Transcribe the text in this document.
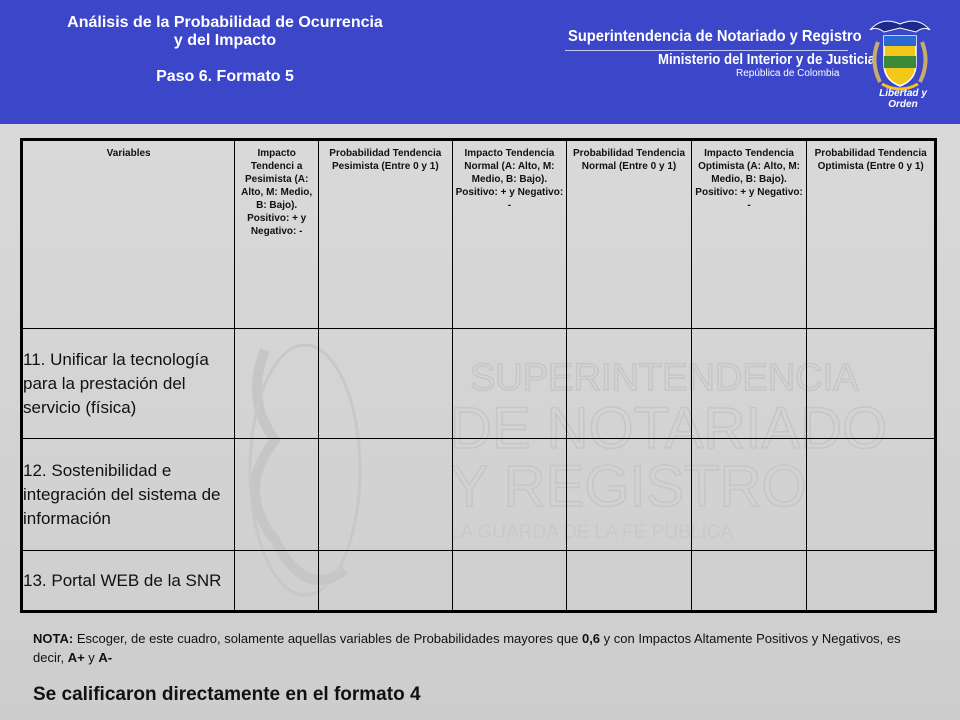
Análisis de la Probabilidad de Ocurrencia
y del Impacto
Paso 6. Formato 5
Superintendencia de Notariado y Registro
Ministerio del Interior y de Justicia
República de Colombia
Libertad y Orden
SUPERINTENDENCIA
DE NOTARIADO
Y REGISTRO
LA GUARDA DE LA FE PUBLICA
Variables	Impacto Tendenci a Pesimista (A: Alto, M: Medio, B: Bajo). Positivo: + y Negativo: -	Probabilidad Tendencia Pesimista (Entre 0 y 1)	Impacto Tendencia Normal (A: Alto, M: Medio, B: Bajo). Positivo: + y Negativo: -	Probabilidad Tendencia Normal (Entre 0 y 1)	Impacto Tendencia Optimista (A: Alto, M: Medio, B: Bajo). Positivo: + y Negativo: -	Probabilidad Tendencia Optimista (Entre 0 y 1)
11. Unificar la tecnología para la prestación del servicio (física)						
12. Sostenibilidad e integración del sistema de información						
13. Portal WEB de la SNR						
NOTA: Escoger, de este cuadro, solamente aquellas variables de Probabilidades mayores que 0,6 y con Impactos Altamente Positivos y Negativos, es decir, A+ y A-
Se calificaron directamente en el formato 4
